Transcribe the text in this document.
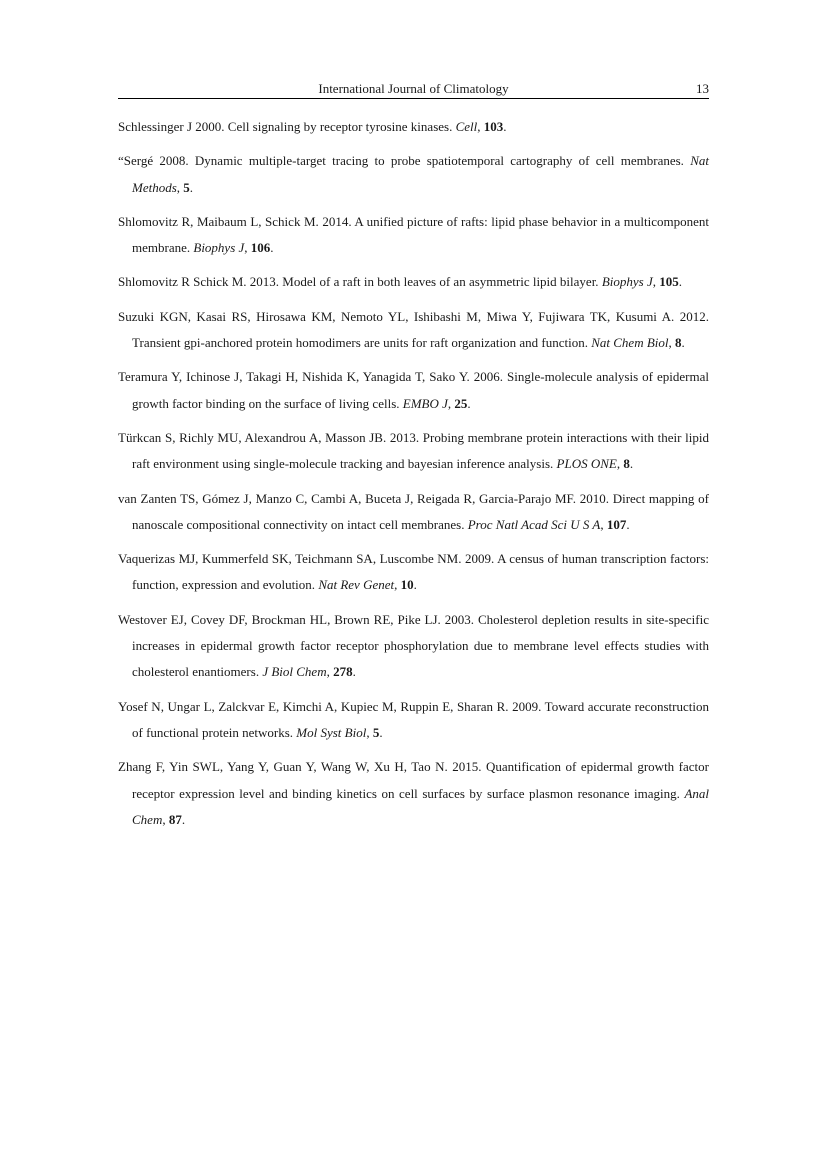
International Journal of Climatology	13

Schlessinger J 2000. Cell signaling by receptor tyrosine kinases. Cell, 103.

“Sergé 2008. Dynamic multiple-target tracing to probe spatiotemporal cartography of cell membranes. Nat Methods, 5.

Shlomovitz R, Maibaum L, Schick M. 2014. A unified picture of rafts: lipid phase behavior in a multicomponent membrane. Biophys J, 106.

Shlomovitz R Schick M. 2013. Model of a raft in both leaves of an asymmetric lipid bilayer. Biophys J, 105.

Suzuki KGN, Kasai RS, Hirosawa KM, Nemoto YL, Ishibashi M, Miwa Y, Fujiwara TK, Kusumi A. 2012. Transient gpi-anchored protein homodimers are units for raft organization and function. Nat Chem Biol, 8.

Teramura Y, Ichinose J, Takagi H, Nishida K, Yanagida T, Sako Y. 2006. Single-molecule analysis of epidermal growth factor binding on the surface of living cells. EMBO J, 25.

Türkcan S, Richly MU, Alexandrou A, Masson JB. 2013. Probing membrane protein interactions with their lipid raft environment using single-molecule tracking and bayesian inference analysis. PLOS ONE, 8.

van Zanten TS, Gómez J, Manzo C, Cambi A, Buceta J, Reigada R, Garcia-Parajo MF. 2010. Direct mapping of nanoscale compositional connectivity on intact cell membranes. Proc Natl Acad Sci U S A, 107.

Vaquerizas MJ, Kummerfeld SK, Teichmann SA, Luscombe NM. 2009. A census of human transcription factors: function, expression and evolution. Nat Rev Genet, 10.

Westover EJ, Covey DF, Brockman HL, Brown RE, Pike LJ. 2003. Cholesterol depletion results in site-specific increases in epidermal growth factor receptor phosphorylation due to membrane level effects studies with cholesterol enantiomers. J Biol Chem, 278.

Yosef N, Ungar L, Zalckvar E, Kimchi A, Kupiec M, Ruppin E, Sharan R. 2009. Toward accurate reconstruction of functional protein networks. Mol Syst Biol, 5.

Zhang F, Yin SWL, Yang Y, Guan Y, Wang W, Xu H, Tao N. 2015. Quantification of epidermal growth factor receptor expression level and binding kinetics on cell surfaces by surface plasmon resonance imaging. Anal Chem, 87.
